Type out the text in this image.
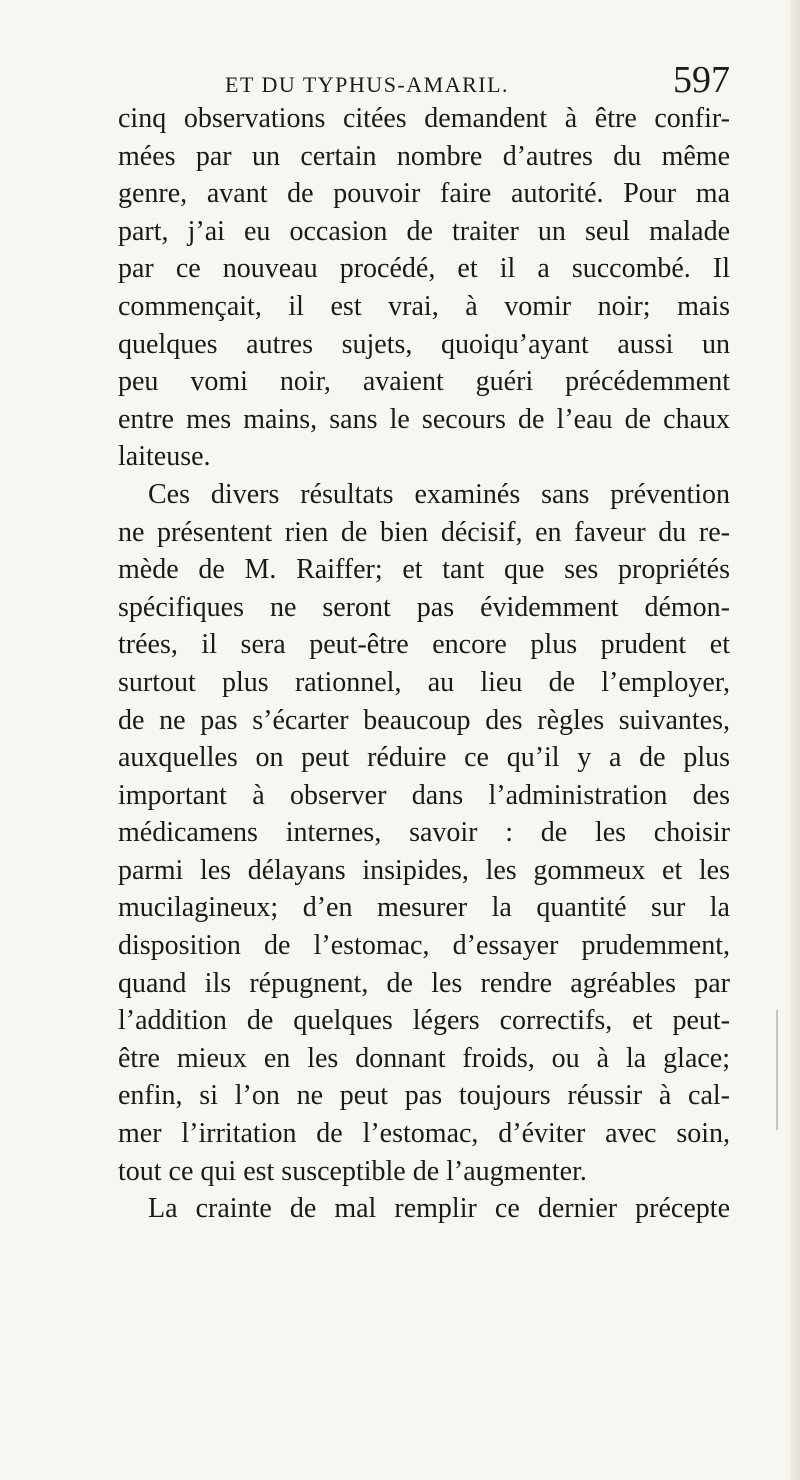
ET DU TYPHUS-AMARIL.	597
cinq observations citées demandent à être confir-
mées par un certain nombre d’autres du même
genre, avant de pouvoir faire autorité. Pour ma
part, j’ai eu occasion de traiter un seul malade
par ce nouveau procédé, et il a succombé. Il
commençait, il est vrai, à vomir noir; mais
quelques autres sujets, quoiqu’ayant aussi un
peu vomi noir, avaient guéri précédemment
entre mes mains, sans le secours de l’eau de chaux
laiteuse.
Ces divers résultats examinés sans prévention
ne présentent rien de bien décisif, en faveur du re-
mède de M. Raiffer; et tant que ses propriétés
spécifiques ne seront pas évidemment démon-
trées, il sera peut-être encore plus prudent et
surtout plus rationnel, au lieu de l’employer,
de ne pas s’écarter beaucoup des règles suivantes,
auxquelles on peut réduire ce qu’il y a de plus
important à observer dans l’administration des
médicamens internes, savoir : de les choisir
parmi les délayans insipides, les gommeux et les
mucilagineux; d’en mesurer la quantité sur la
disposition de l’estomac, d’essayer prudemment,
quand ils répugnent, de les rendre agréables par
l’addition de quelques légers correctifs, et peut-
être mieux en les donnant froids, ou à la glace;
enfin, si l’on ne peut pas toujours réussir à cal-
mer l’irritation de l’estomac, d’éviter avec soin,
tout ce qui est susceptible de l’augmenter.
La crainte de mal remplir ce dernier précepte
